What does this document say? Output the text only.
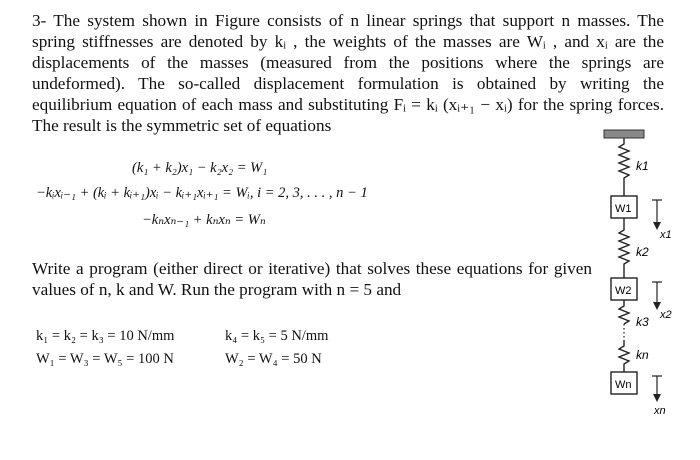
3- The system shown in Figure consists of n linear springs that support n masses. The spring stiffnesses are denoted by kᵢ , the weights of the masses are Wᵢ , and xᵢ are the displacements of the masses (measured from the positions where the springs are undeformed). The so-called displacement formulation is obtained by writing the equilibrium equation of each mass and substituting Fᵢ = kᵢ (xᵢ₊₁ − xᵢ) for the spring forces. The result is the symmetric set of equations
(k₁ + k₂)x₁ − k₂x₂ = W₁
−kᵢxᵢ₋₁ + (kᵢ + kᵢ₊₁)xᵢ − kᵢ₊₁xᵢ₊₁ = Wᵢ, i = 2, 3, . . . , n − 1
−kₙxₙ₋₁ + kₙxₙ = Wₙ
Write a program (either direct or iterative) that solves these equations for given values of n, k and W. Run the program with n = 5 and
k₁ = k₂ = k₃ = 10 N/mm	k₄ = k₅ = 5 N/mm
W₁ = W₃ = W₅ = 100 N	W₂ = W₄ = 50 N
k1
W1
x1
k2
W2
x2
k3
kn
Wn
xn
